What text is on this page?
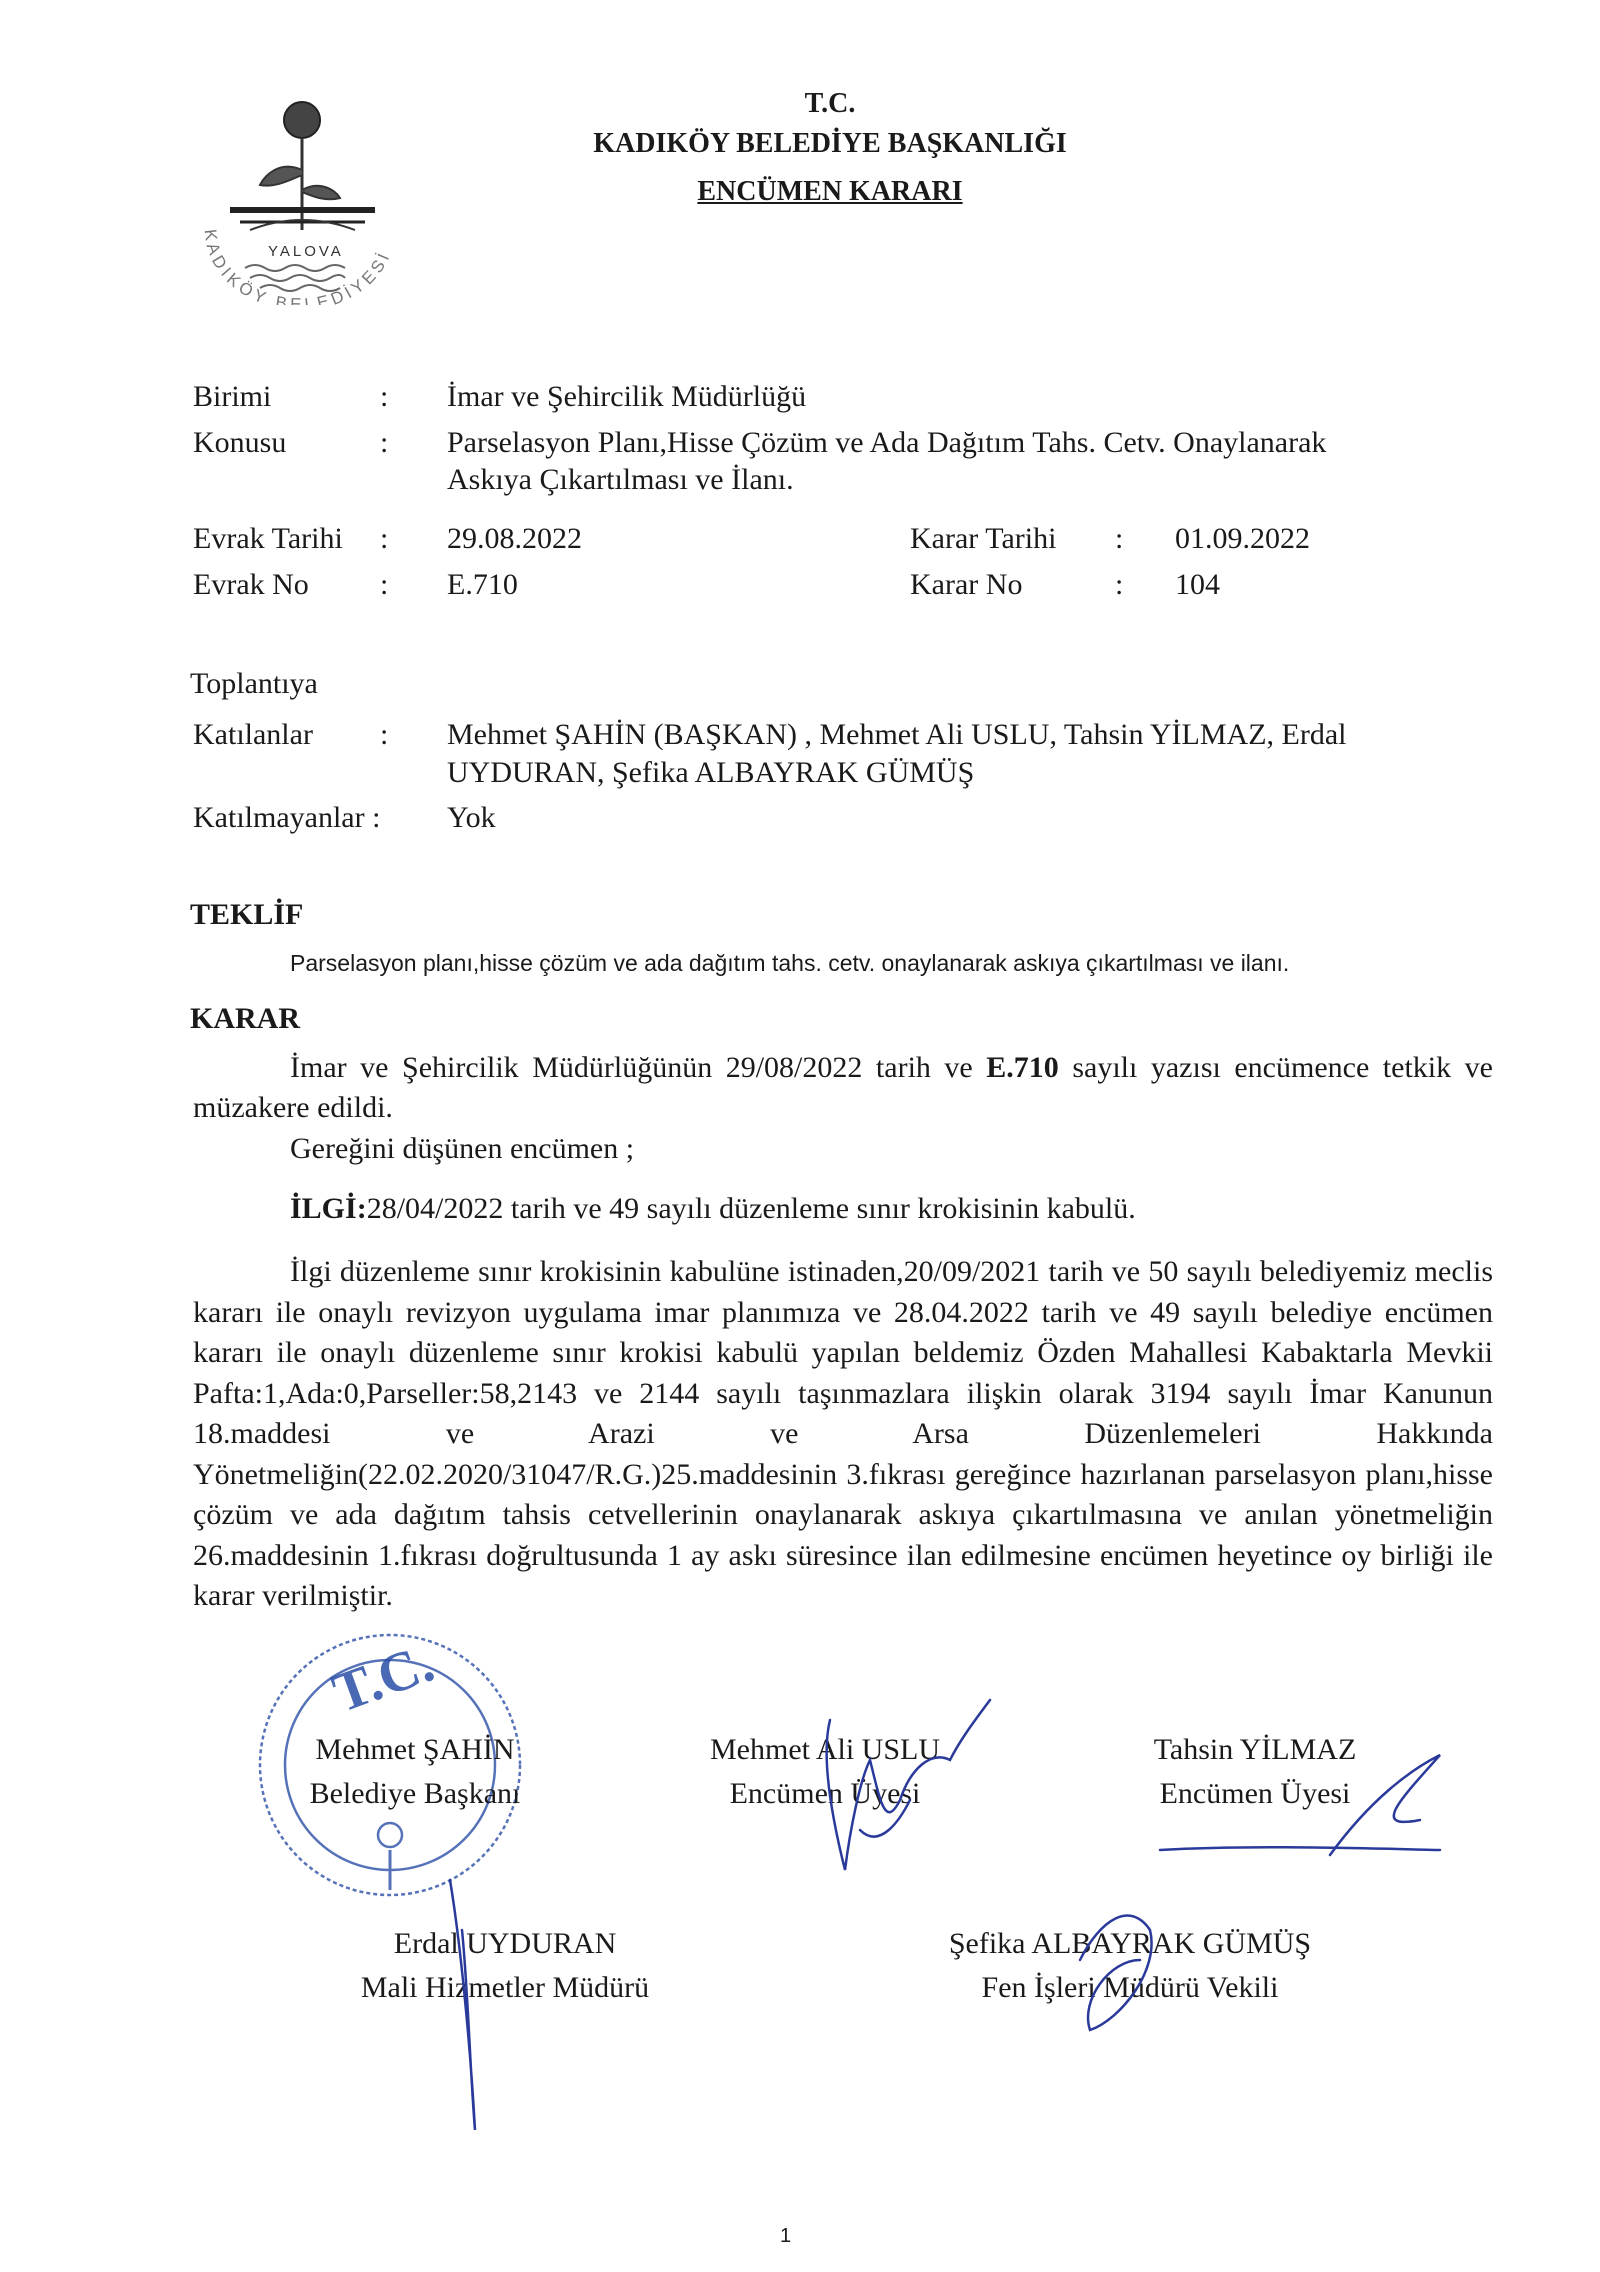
YALOVA
KADIKÖY BELEDİYESİ
T.C.
KADIKÖY BELEDİYE BAŞKANLIĞI
ENCÜMEN KARARI
Birimi	: İmar ve Şehircilik Müdürlüğü
Konusu	: Parselasyon Planı,Hisse Çözüm ve Ada Dağıtım Tahs. Cetv. Onaylanarak
Askıya Çıkartılması ve İlanı.
Evrak Tarihi : 29.08.2022	Karar Tarihi : 01.09.2022
Evrak No : E.710	Karar No	: 104
Toplantıya
Katılanlar : Mehmet ŞAHİN (BAŞKAN) , Mehmet Ali USLU, Tahsin YİLMAZ, Erdal
UYDURAN, Şefika ALBAYRAK GÜMÜŞ
Katılmayanlar : Yok
TEKLİF
Parselasyon planı,hisse çözüm ve ada dağıtım tahs. cetv. onaylanarak askıya çıkartılması ve ilanı.
KARAR
İmar ve Şehircilik Müdürlüğünün 29/08/2022 tarih ve E.710 sayılı yazısı encümence tetkik ve müzakere edildi.
Gereğini düşünen encümen ;
İLGİ:28/04/2022 tarih ve 49 sayılı düzenleme sınır krokisinin kabulü.
İlgi düzenleme sınır krokisinin kabulüne istinaden,20/09/2021 tarih ve 50 sayılı belediyemiz meclis kararı ile onaylı revizyon uygulama imar planımıza ve 28.04.2022 tarih ve 49 sayılı belediye encümen kararı ile onaylı düzenleme sınır krokisi kabulü yapılan beldemiz Özden Mahallesi Kabaktarla Mevkii Pafta:1,Ada:0,Parseller:58,2143 ve 2144 sayılı taşınmazlara ilişkin olarak 3194 sayılı İmar Kanunun 18.maddesi ve Arazi ve Arsa Düzenlemeleri Hakkında Yönetmeliğin(22.02.2020/31047/R.G.)25.maddesinin 3.fıkrası gereğince hazırlanan parselasyon planı,hisse çözüm ve ada dağıtım tahsis cetvellerinin onaylanarak askıya çıkartılmasına ve anılan yönetmeliğin 26.maddesinin 1.fıkrası doğrultusunda 1 ay askı süresince ilan edilmesine encümen heyetince oy birliği ile karar verilmiştir.
T.C.
Mehmet ŞAHİN
Belediye Başkanı
Mehmet Ali USLU
Encümen Üyesi
Tahsin YİLMAZ
Encümen Üyesi
Erdal UYDURAN
Mali Hizmetler Müdürü
Şefika ALBAYRAK GÜMÜŞ
Fen İşleri Müdürü Vekili
1
